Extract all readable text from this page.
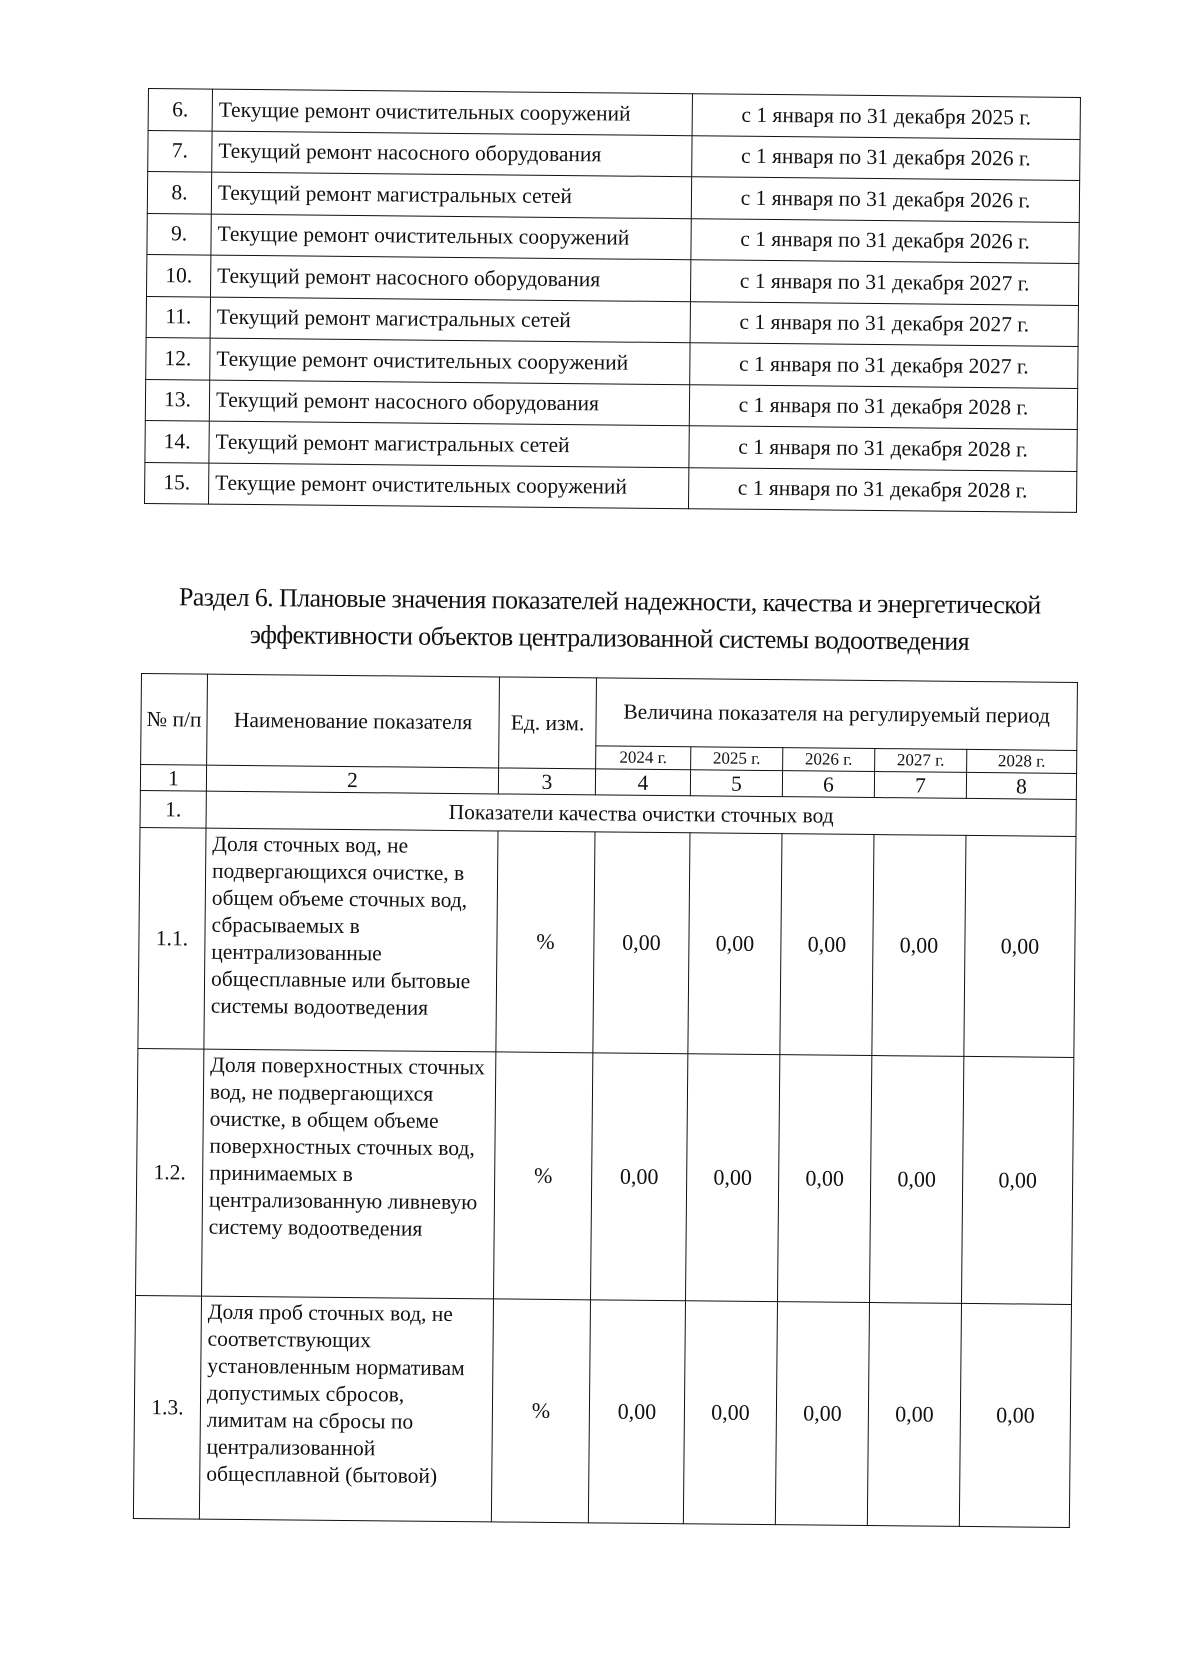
6.	Текущие ремонт очистительных сооружений	с 1 января по 31 декабря 2025 г.
7.	Текущий ремонт насосного оборудования	с 1 января по 31 декабря 2026 г.
8.	Текущий ремонт магистральных сетей	с 1 января по 31 декабря 2026 г.
9.	Текущие ремонт очистительных сооружений	с 1 января по 31 декабря 2026 г.
10.	Текущий ремонт насосного оборудования	с 1 января по 31 декабря 2027 г.
11.	Текущий ремонт магистральных сетей	с 1 января по 31 декабря 2027 г.
12.	Текущие ремонт очистительных сооружений	с 1 января по 31 декабря 2027 г.
13.	Текущий ремонт насосного оборудования	с 1 января по 31 декабря 2028 г.
14.	Текущий ремонт магистральных сетей	с 1 января по 31 декабря 2028 г.
15.	Текущие ремонт очистительных сооружений	с 1 января по 31 декабря 2028 г.
Раздел 6. Плановые значения показателей надежности, качества и энергетической
эффективности объектов централизованной системы водоотведения
№ п/п	Наименование показателя	Ед. изм.	Величина показателя на регулируемый период				
			2024 г.	2025 г.	2026 г.	2027 г.	2028 г.
1	2	3	4	5	6	7	8
1.	Показатели качества очистки сточных вод						
1.1.	Доля сточных вод, не подвергающихся очистке, в общем объеме сточных вод, сбрасываемых в централизованные общесплавные или бытовые системы водоотведения	%	0,00	0,00	0,00	0,00	0,00
1.2.	Доля поверхностных сточных вод, не подвергающихся очистке, в общем объеме поверхностных сточных вод, принимаемых в централизованную ливневую систему водоотведения	%	0,00	0,00	0,00	0,00	0,00
1.3.	Доля проб сточных вод, не соответствующих установленным нормативам допустимых сбросов, лимитам на сбросы по централизованной общесплавной (бытовой)	%	0,00	0,00	0,00	0,00	0,00
